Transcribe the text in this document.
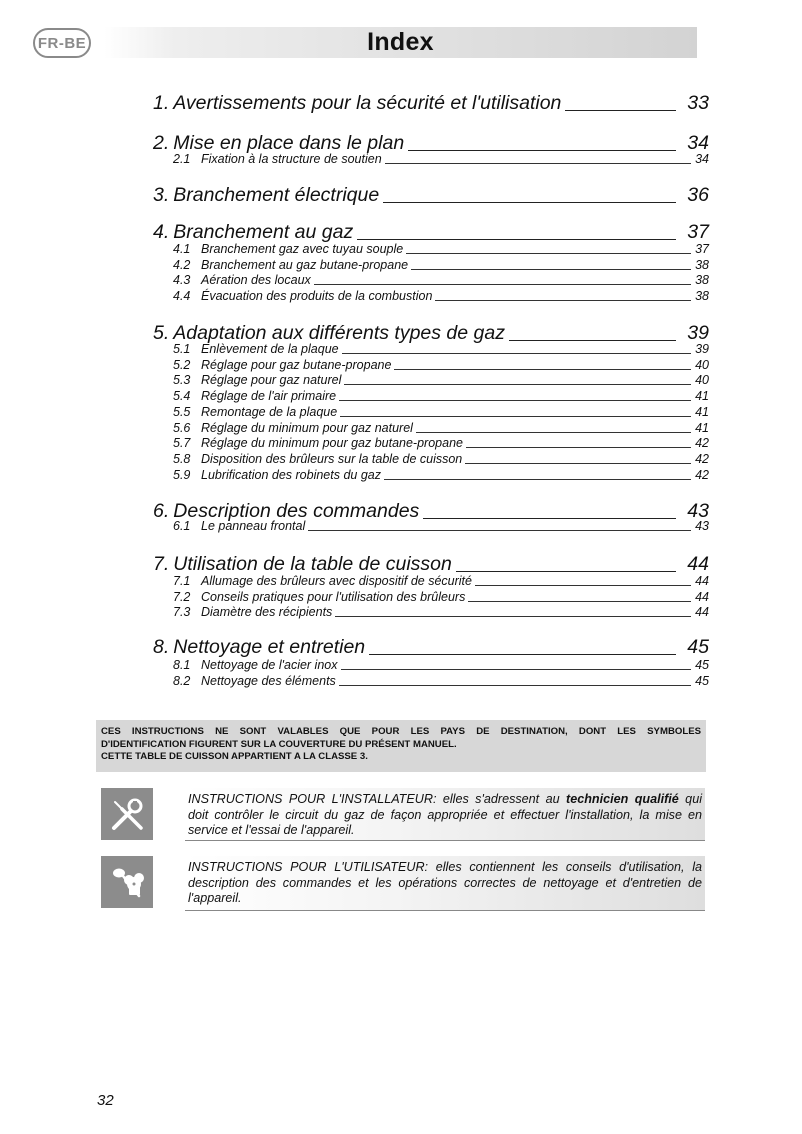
FR-BE	Index
1. Avertissements pour la sécurité et l'utilisation	33
2. Mise en place dans le plan	34
2.1 Fixation à la structure de soutien	34
3. Branchement électrique	36
4. Branchement au gaz	37
4.1 Branchement gaz avec tuyau souple	37
4.2 Branchement au gaz butane-propane	38
4.3 Aération des locaux	38
4.4 Évacuation des produits de la combustion	38
5. Adaptation aux différents types de gaz	39
5.1 Enlèvement de la plaque	39
5.2 Réglage pour gaz butane-propane	40
5.3 Réglage pour gaz naturel	40
5.4 Réglage de l'air primaire	41
5.5 Remontage de la plaque	41
5.6 Réglage du minimum pour gaz naturel	41
5.7 Réglage du minimum pour gaz butane-propane	42
5.8 Disposition des brûleurs sur la table de cuisson	42
5.9 Lubrification des robinets du gaz	42
6. Description des commandes	43
6.1 Le panneau frontal	43
7. Utilisation de la table de cuisson	44
7.1 Allumage des brûleurs avec dispositif de sécurité	44
7.2 Conseils pratiques pour l'utilisation des brûleurs	44
7.3 Diamètre des récipients	44
8. Nettoyage et entretien	45
8.1 Nettoyage de l'acier inox	45
8.2 Nettoyage des éléments	45
CES INSTRUCTIONS NE SONT VALABLES QUE POUR LES PAYS DE DESTINATION, DONT LES SYMBOLES
D'IDENTIFICATION FIGURENT SUR LA COUVERTURE DU PRÉSENT MANUEL.
CETTE TABLE DE CUISSON APPARTIENT A LA CLASSE 3.
INSTRUCTIONS POUR L'INSTALLATEUR: elles s'adressent au technicien qualifié qui doit contrôler le circuit du gaz de façon appropriée et effectuer l'installation, la mise en service et l'essai de l'appareil.
INSTRUCTIONS POUR L'UTILISATEUR: elles contiennent les conseils d'utilisation, la description des commandes et les opérations correctes de nettoyage et d'entretien de l'appareil.
32
